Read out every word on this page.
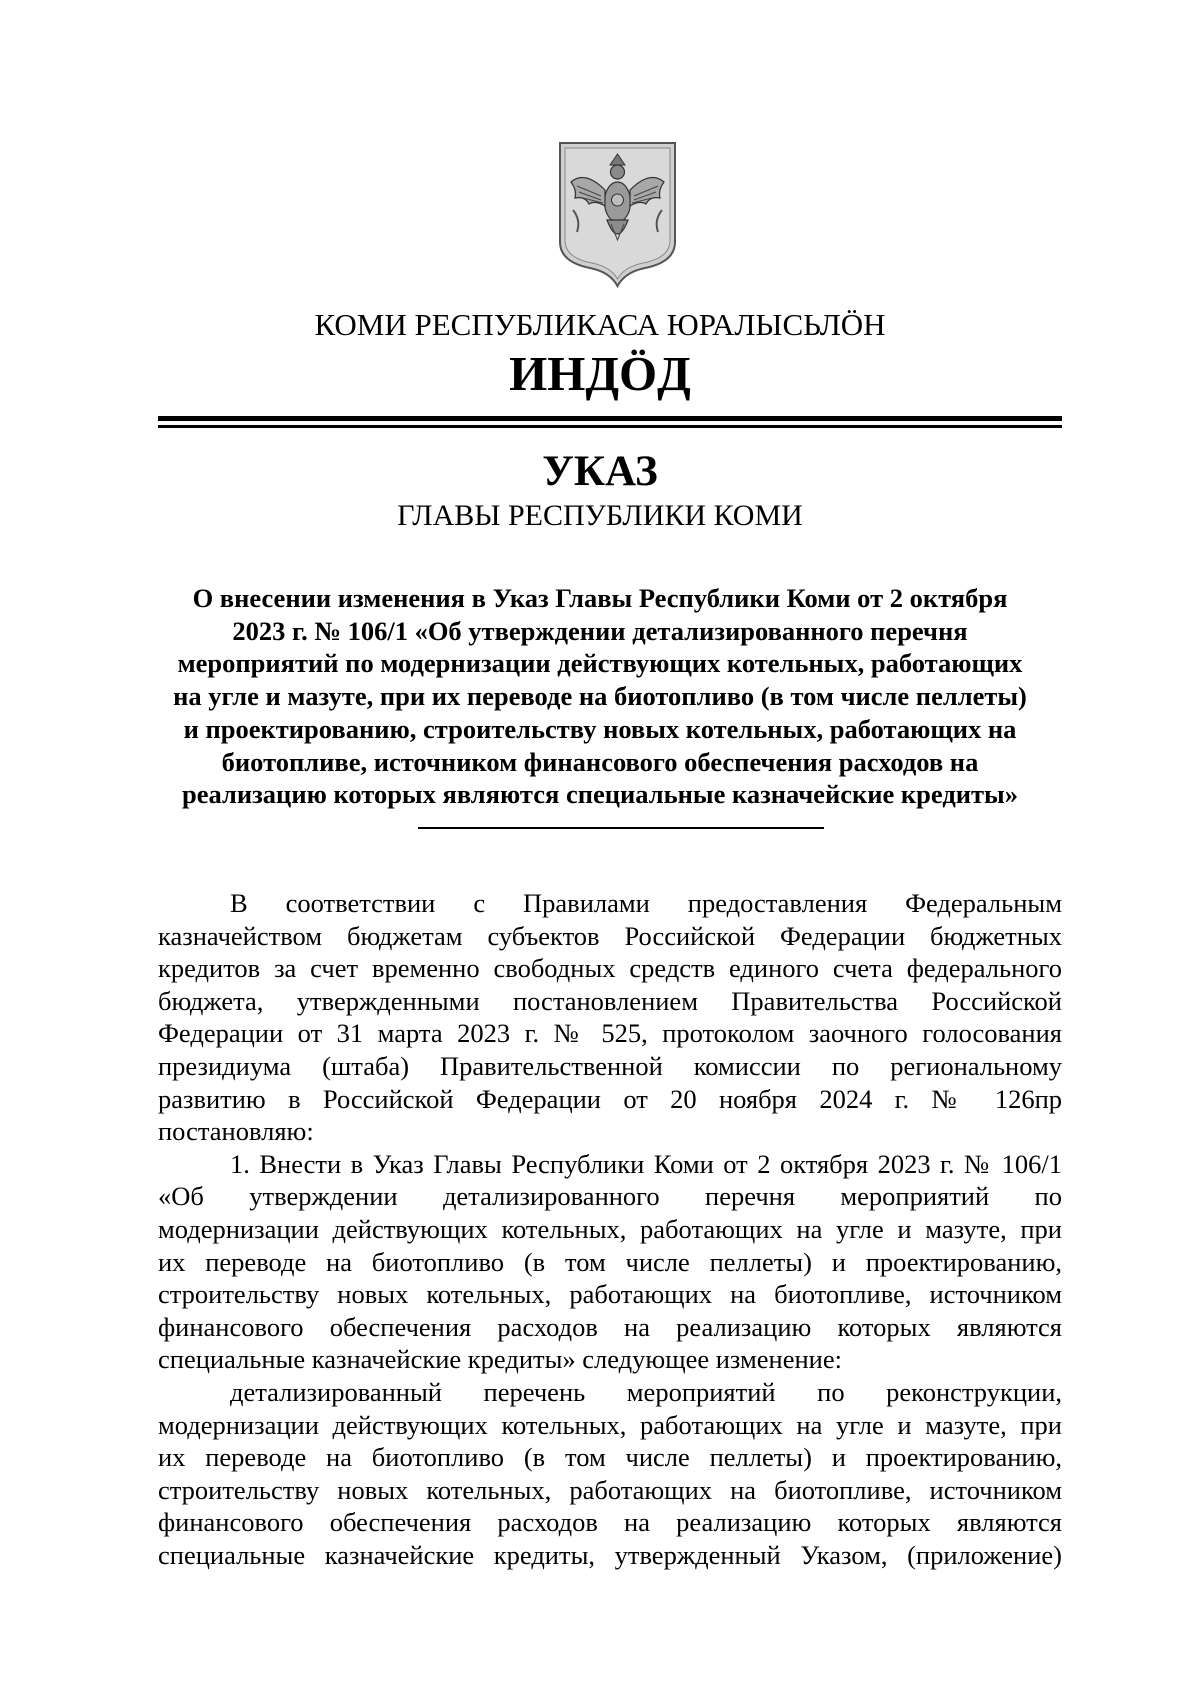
КОМИ РЕСПУБЛИКАСА ЮРАЛЫСЬЛÖН
ИНДÖД
УКАЗ
ГЛАВЫ РЕСПУБЛИКИ КОМИ
О внесении изменения в Указ Главы Республики Коми от 2 октября
2023 г. № 106/1 «Об утверждении детализированного перечня
мероприятий по модернизации действующих котельных, работающих
на угле и мазуте, при их переводе на биотопливо (в том числе пеллеты)
и проектированию, строительству новых котельных, работающих на
биотопливе, источником финансового обеспечения расходов на
реализацию которых являются специальные казначейские кредиты»
В соответствии с Правилами предоставления Федеральным
казначейством бюджетам субъектов Российской Федерации бюджетных
кредитов за счет временно свободных средств единого счета федерального
бюджета, утвержденными постановлением Правительства Российской
Федерации от 31 марта 2023 г. № 525, протоколом заочного голосования
президиума (штаба) Правительственной комиссии по региональному
развитию в Российской Федерации от 20 ноября 2024 г. № 126пр
постановляю:
1. Внести в Указ Главы Республики Коми от 2 октября 2023 г. № 106/1
«Об утверждении детализированного перечня мероприятий по
модернизации действующих котельных, работающих на угле и мазуте, при
их переводе на биотопливо (в том числе пеллеты) и проектированию,
строительству новых котельных, работающих на биотопливе, источником
финансового обеспечения расходов на реализацию которых являются
специальные казначейские кредиты» следующее изменение:
детализированный перечень мероприятий по реконструкции,
модернизации действующих котельных, работающих на угле и мазуте, при
их переводе на биотопливо (в том числе пеллеты) и проектированию,
строительству новых котельных, работающих на биотопливе, источником
финансового обеспечения расходов на реализацию которых являются
специальные казначейские кредиты, утвержденный Указом, (приложение)
